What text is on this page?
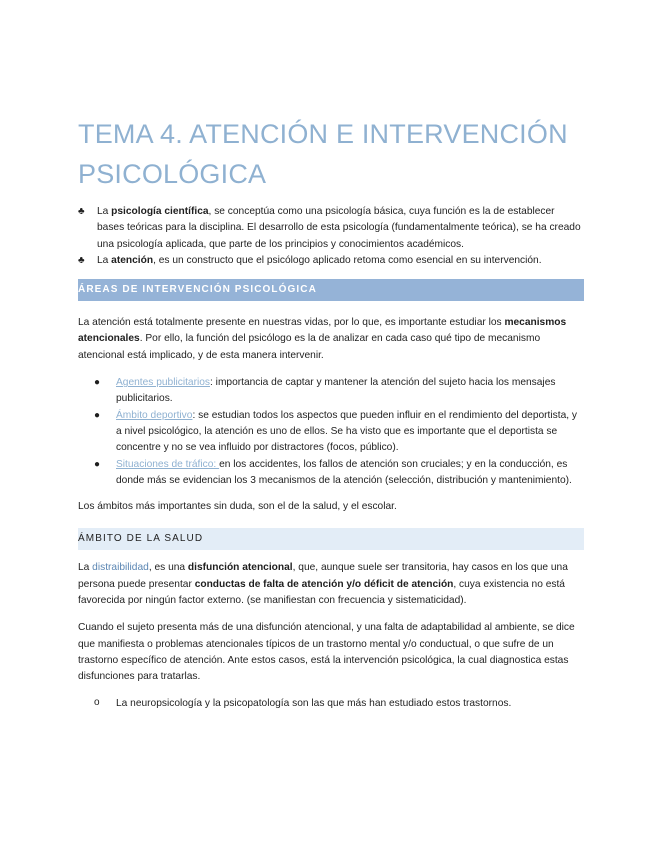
TEMA 4. ATENCIÓN E INTERVENCIÓN
PSICOLÓGICA
♣ La psicología científica, se conceptúa como una psicología básica, cuya función es la de establecer bases teóricas para la disciplina. El desarrollo de esta psicología (fundamentalmente teórica), se ha creado una psicología aplicada, que parte de los principios y conocimientos académicos.
♣ La atención, es un constructo que el psicólogo aplicado retoma como esencial en su intervención.
ÁREAS DE INTERVENCIÓN PSICOLÓGICA

La atención está totalmente presente en nuestras vidas, por lo que, es importante estudiar los mecanismos atencionales. Por ello, la función del psicólogo es la de analizar en cada caso qué tipo de mecanismo atencional está implicado, y de esta manera intervenir.

● Agentes publicitarios: importancia de captar y mantener la atención del sujeto hacia los mensajes publicitarios.
● Ámbito deportivo: se estudian todos los aspectos que pueden influir en el rendimiento del deportista, y a nivel psicológico, la atención es uno de ellos. Se ha visto que es importante que el deportista se concentre y no se vea influido por distractores (focos, público).
● Situaciones de tráfico: en los accidentes, los fallos de atención son cruciales; y en la conducción, es donde más se evidencian los 3 mecanismos de la atención (selección, distribución y mantenimiento).

Los ámbitos más importantes sin duda, son el de la salud, y el escolar.

ÁMBITO DE LA SALUD

La distraibilidad, es una disfunción atencional, que, aunque suele ser transitoria, hay casos en los que una persona puede presentar conductas de falta de atención y/o déficit de atención, cuya existencia no está favorecida por ningún factor externo. (se manifiestan con frecuencia y sistematicidad).

Cuando el sujeto presenta más de una disfunción atencional, y una falta de adaptabilidad al ambiente, se dice que manifiesta o problemas atencionales típicos de un trastorno mental y/o conductual, o que sufre de un trastorno específico de atención. Ante estos casos, está la intervención psicológica, la cual diagnostica estas disfunciones para tratarlas.

o La neuropsicología y la psicopatología son las que más han estudiado estos trastornos.
